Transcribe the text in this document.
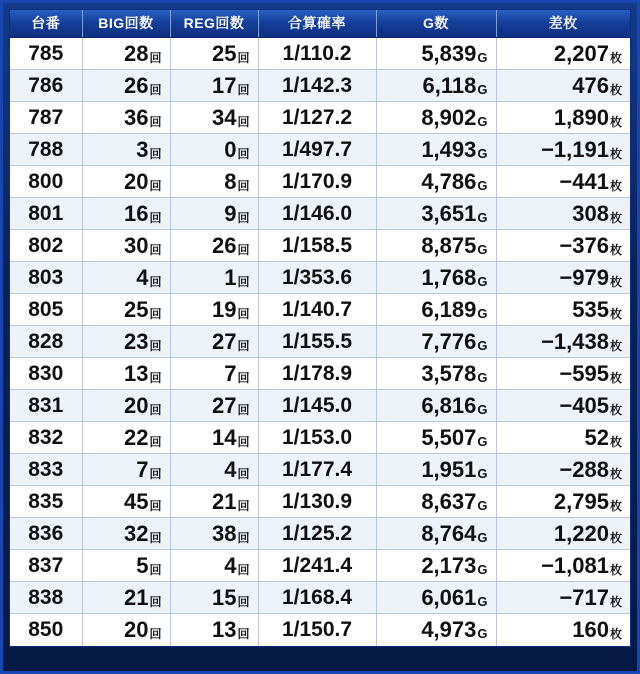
台番	BIG回数	REG回数	合算確率	G数	差枚
785	28回	25回	1/110.2	5,839G	2,207枚
786	26回	17回	1/142.3	6,118G	476枚
787	36回	34回	1/127.2	8,902G	1,890枚
788	3回	0回	1/497.7	1,493G	−1,191枚
800	20回	8回	1/170.9	4,786G	−441枚
801	16回	9回	1/146.0	3,651G	308枚
802	30回	26回	1/158.5	8,875G	−376枚
803	4回	1回	1/353.6	1,768G	−979枚
805	25回	19回	1/140.7	6,189G	535枚
828	23回	27回	1/155.5	7,776G	−1,438枚
830	13回	7回	1/178.9	3,578G	−595枚
831	20回	27回	1/145.0	6,816G	−405枚
832	22回	14回	1/153.0	5,507G	52枚
833	7回	4回	1/177.4	1,951G	−288枚
835	45回	21回	1/130.9	8,637G	2,795枚
836	32回	38回	1/125.2	8,764G	1,220枚
837	5回	4回	1/241.4	2,173G	−1,081枚
838	21回	15回	1/168.4	6,061G	−717枚
850	20回	13回	1/150.7	4,973G	160枚
